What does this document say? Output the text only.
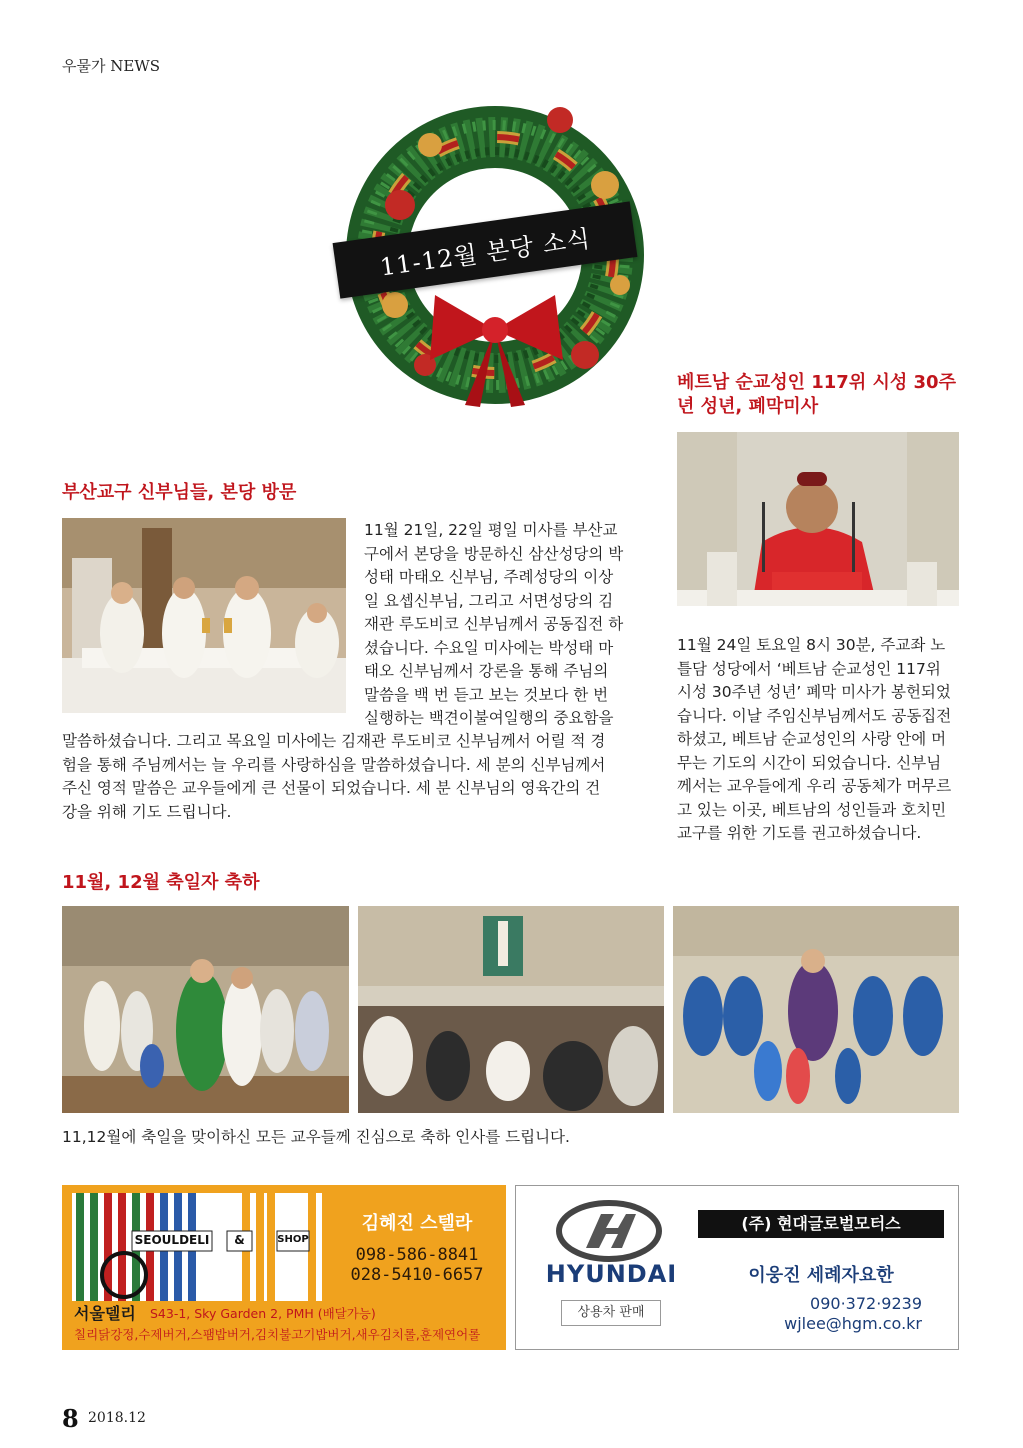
우물가 NEWS
11-12월 본당 소식
부산교구 신부님들, 본당 방문
11월 21일, 22일 평일 미사를 부산교
구에서 본당을 방문하신 삼산성당의 박
성태 마태오 신부님, 주례성당의 이상
일 요셉신부님, 그리고 서면성당의 김
재관 루도비코 신부님께서 공동집전 하
셨습니다. 수요일 미사에는 박성태 마
태오 신부님께서 강론을 통해 주님의
말씀을 백 번 듣고 보는 것보다 한 번
실행하는 백견이불여일행의 중요함을
말씀하셨습니다. 그리고 목요일 미사에는 김재관 루도비코 신부님께서 어릴 적 경
험을 통해 주님께서는 늘 우리를 사랑하심을 말씀하셨습니다. 세 분의 신부님께서
주신 영적 말씀은 교우들에게 큰 선물이 되었습니다. 세 분 신부님의 영육간의 건
강을 위해 기도 드립니다.
베트남 순교성인 117위 시성 30주
년 성년, 폐막미사
11월 24일 토요일 8시 30분, 주교좌 노
틀담 성당에서 ‘베트남 순교성인 117위
시성 30주년 성년’ 폐막 미사가 봉헌되었
습니다. 이날 주임신부님께서도 공동집전
하셨고, 베트남 순교성인의 사랑 안에 머
무는 기도의 시간이 되었습니다. 신부님
께서는 교우들에게 우리 공동체가 머무르
고 있는 이곳, 베트남의 성인들과 호치민
교구를 위한 기도를 권고하셨습니다.
11월, 12월 축일자 축하
11,12월에 축일을 맞이하신 모든 교우들께 진심으로 축하 인사를 드립니다.
SEOULDELI	&	SHOP
김혜진 스텔라
098-586-8841
028-5410-6657
서울델리 S43-1, Sky Garden 2, PMH (배달가능)
칠리닭강정,수제버거,스팸밥버거,김치불고기밥버거,새우김치롤,훈제연어롤
HYUNDAI
상용차 판매
(주) 현대글로벌모터스
이웅진 세례자요한
090·372·9239
wjlee@hgm.co.kr
8 2018.12
